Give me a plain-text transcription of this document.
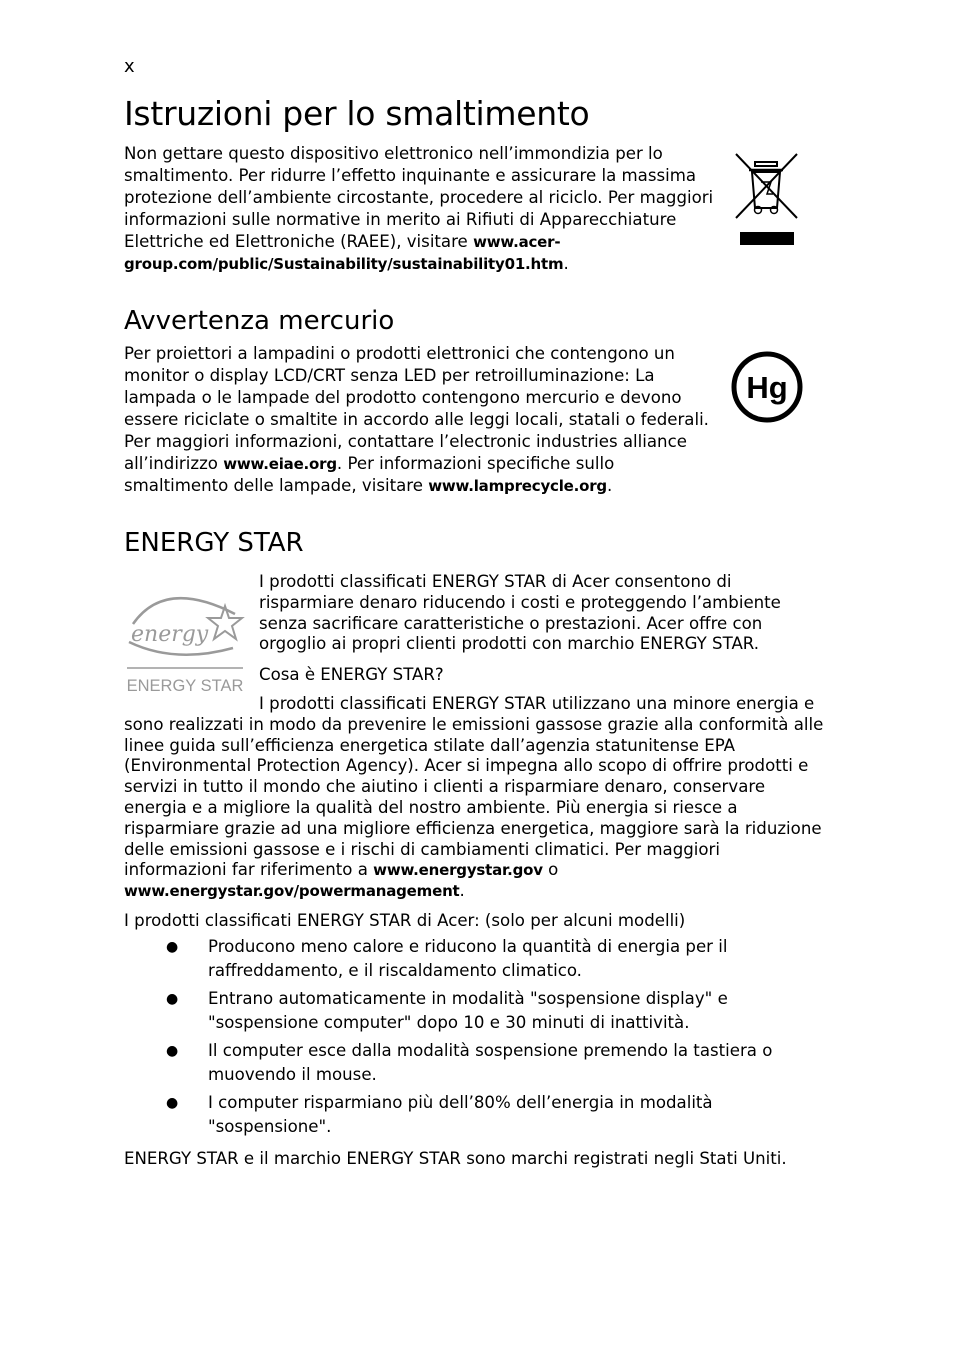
x
Istruzioni per lo smaltimento

Non gettare questo dispositivo elettronico nell’immondizia per lo smaltimento. Per ridurre l’effetto inquinante e assicurare la massima protezione dell’ambiente circostante, procedere al riciclo. Per maggiori informazioni sulle normative in merito ai Rifiuti di Apparecchiature Elettriche ed Elettroniche (RAEE), visitare www.acer-group.com/public/Sustainability/sustainability01.htm.

Avvertenza mercurio

Per proiettori a lampadini o prodotti elettronici che contengono un monitor o display LCD/CRT senza LED per retroilluminazione: La lampada o le lampade del prodotto contengono mercurio e devono essere riciclate o smaltite in accordo alle leggi locali, statali o federali. Per maggiori informazioni, contattare l’electronic industries alliance all’indirizzo www.eiae.org. Per informazioni specifiche sullo smaltimento delle lampade, visitare www.lamprecycle.org.

Hg
ENERGY STAR
energy
ENERGY STAR

I prodotti classificati ENERGY STAR di Acer consentono di risparmiare denaro riducendo i costi e proteggendo l’ambiente senza sacrificare caratteristiche o prestazioni. Acer offre con orgoglio ai propri clienti prodotti con marchio ENERGY STAR.

Cosa è ENERGY STAR?

I prodotti classificati ENERGY STAR utilizzano una minore energia e sono realizzati in modo da prevenire le emissioni gassose grazie alla conformità alle linee guida sull’efficienza energetica stilate dall’agenzia statunitense EPA (Environmental Protection Agency). Acer si impegna allo scopo di offrire prodotti e servizi in tutto il mondo che aiutino i clienti a risparmiare denaro, conservare energia e a migliore la qualità del nostro ambiente. Più energia si riesce a risparmiare grazie ad una migliore efficienza energetica, maggiore sarà la riduzione delle emissioni gassose e i rischi di cambiamenti climatici. Per maggiori informazioni far riferimento a www.energystar.gov o www.energystar.gov/powermanagement.

I prodotti classificati ENERGY STAR di Acer: (solo per alcuni modelli)

● Producono meno calore e riducono la quantità di energia per il raffreddamento, e il riscaldamento climatico.
● Entrano automaticamente in modalità "sospensione display" e "sospensione computer" dopo 10 e 30 minuti di inattività.
● Il computer esce dalla modalità sospensione premendo la tastiera o muovendo il mouse.
● I computer risparmiano più dell’80% dell’energia in modalità "sospensione".

ENERGY STAR e il marchio ENERGY STAR sono marchi registrati negli Stati Uniti.
